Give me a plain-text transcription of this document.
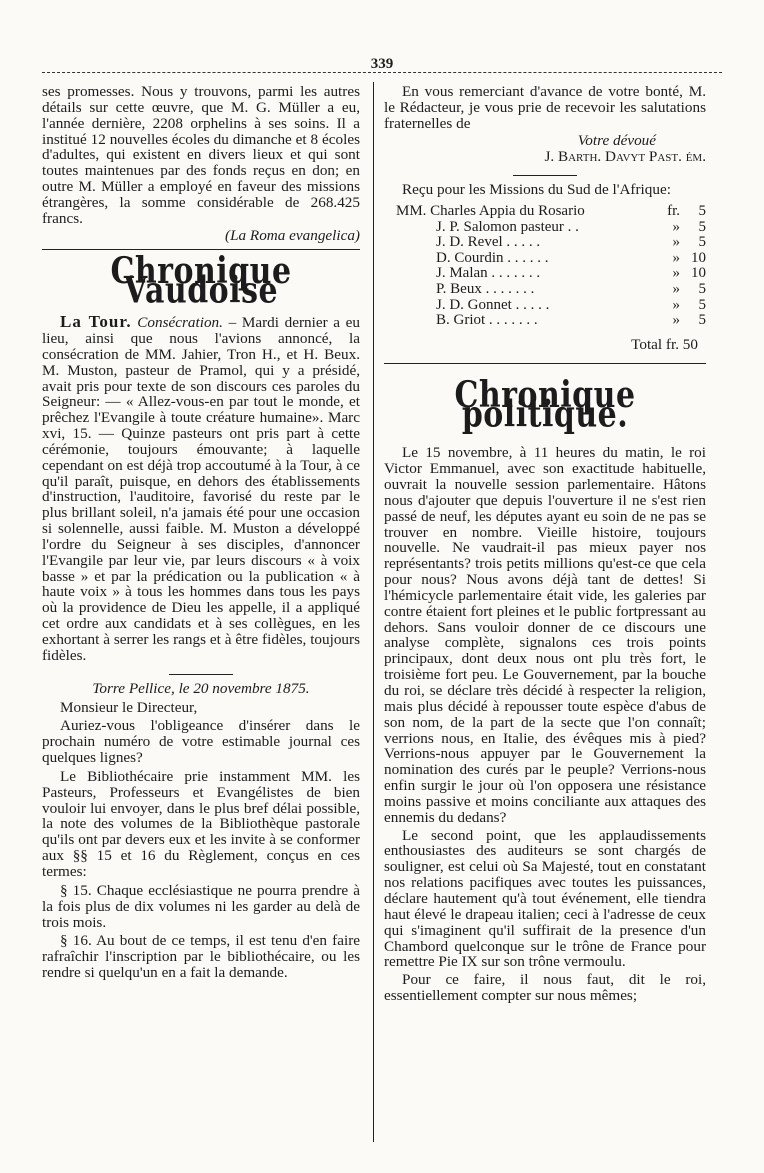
339

ses promesses. Nous y trouvons, parmi les autres détails sur cette œuvre, que M. G. Müller a eu, l'année dernière, 2208 orphelins à ses soins. Il a institué 12 nouvelles écoles du dimanche et 8 écoles d'adultes, qui existent en divers lieux et qui sont toutes maintenues par des fonds reçus en don; en outre M. Müller a employé en faveur des missions étrangères, la somme considérable de 268.425 francs.

(La Roma evangelica)

Chronique Vaudoise

La Tour. Consécration. – Mardi dernier a eu lieu, ainsi que nous l'avions annoncé, la consécration de MM. Jahier, Tron H., et H. Beux. M. Muston, pasteur de Pramol, qui y a présidé, avait pris pour texte de son discours ces paroles du Seigneur: — « Allez-vous-en par tout le monde, et prêchez l'Evangile à toute créature humaine». Marc xvi, 15. — Quinze pasteurs ont pris part à cette cérémonie, toujours émouvante; à laquelle cependant on est déjà trop accoutumé à la Tour, à ce qu'il paraît, puisque, en dehors des établissements d'instruction, l'auditoire, favorisé du reste par le plus brillant soleil, n'a jamais été pour une occasion si solennelle, aussi faible. M. Muston a développé l'ordre du Seigneur à ses disciples, d'annoncer l'Evangile par leur vie, par leurs discours « à voix basse » et par la prédication ou la publication « à haute voix » à tous les hommes dans tous les pays où la providence de Dieu les appelle, il a appliqué cet ordre aux candidats et à ses collègues, en les exhortant à serrer les rangs et à être fidèles, toujours fidèles.

Torre Pellice, le 20 novembre 1875.

Monsieur le Directeur,

Auriez-vous l'obligeance d'insérer dans le prochain numéro de votre estimable journal ces quelques lignes?

Le Bibliothécaire prie instamment MM. les Pasteurs, Professeurs et Evangélistes de bien vouloir lui envoyer, dans le plus bref délai possible, la note des volumes de la Bibliothèque pastorale qu'ils ont par devers eux et les invite à se conformer aux §§ 15 et 16 du Règlement, conçus en ces termes:

§ 15. Chaque ecclésiastique ne pourra prendre à la fois plus de dix volumes ni les garder au delà de trois mois.

§ 16. Au bout de ce temps, il est tenu d'en faire rafraîchir l'inscription par le bibliothécaire, ou les rendre si quelqu'un en a fait la demande.

En vous remerciant d'avance de votre bonté, M. le Rédacteur, je vous prie de recevoir les salutations fraternelles de

Votre dévoué

J. Barth. Davyt Past. ém.

Reçu pour les Missions du Sud de l'Afrique:

MM. Charles Appia du Rosario	fr.	5
J. P. Salomon pasteur . .	»	5
J. D. Revel . . . . .	»	5
D. Courdin . . . . . .	»	10
J. Malan . . . . . . .	»	10
P. Beux . . . . . . .	»	5
J. D. Gonnet . . . . .	»	5
B. Griot . . . . . . .	»	5

Total fr. 50

Chronique politique.

Le 15 novembre, à 11 heures du matin, le roi Victor Emmanuel, avec son exactitude habituelle, ouvrait la nouvelle session parlementaire. Hâtons nous d'ajouter que depuis l'ouverture il ne s'est rien passé de neuf, les députes ayant eu soin de ne pas se trouver en nombre. Vieille histoire, toujours nouvelle. Ne vaudrait-il pas mieux payer nos représentants? trois petits millions qu'est-ce que cela pour nous? Nous avons déjà tant de dettes! Si l'hémicycle parlementaire était vide, les galeries par contre étaient fort pleines et le public fortpressant au dehors. Sans vouloir donner de ce discours une analyse complète, signalons ces trois points principaux, dont deux nous ont plu très fort, le troisième fort peu. Le Gouvernement, par la bouche du roi, se déclare très décidé à respecter la religion, mais plus décidé à repousser toute espèce d'abus de son nom, de la part de la secte que l'on connaît; verrions nous, en Italie, des évêques mis à pied? Verrions-nous appuyer par le Gouvernement la nomination des curés par le peuple? Verrions-nous enfin surgir le jour où l'on opposera une résistance moins passive et moins conciliante aux attaques des ennemis du dedans?

Le second point, que les applaudissements enthousiastes des auditeurs se sont chargés de souligner, est celui où Sa Majesté, tout en constatant nos relations pacifiques avec toutes les puissances, déclare hautement qu'à tout événement, elle tiendra haut élevé le drapeau italien; ceci à l'adresse de ceux qui s'imaginent qu'il suffirait de la presence d'un Chambord quelconque sur le trône de France pour remettre Pie IX sur son trône vermoulu.

Pour ce faire, il nous faut, dit le roi, essentiellement compter sur nous mêmes;
